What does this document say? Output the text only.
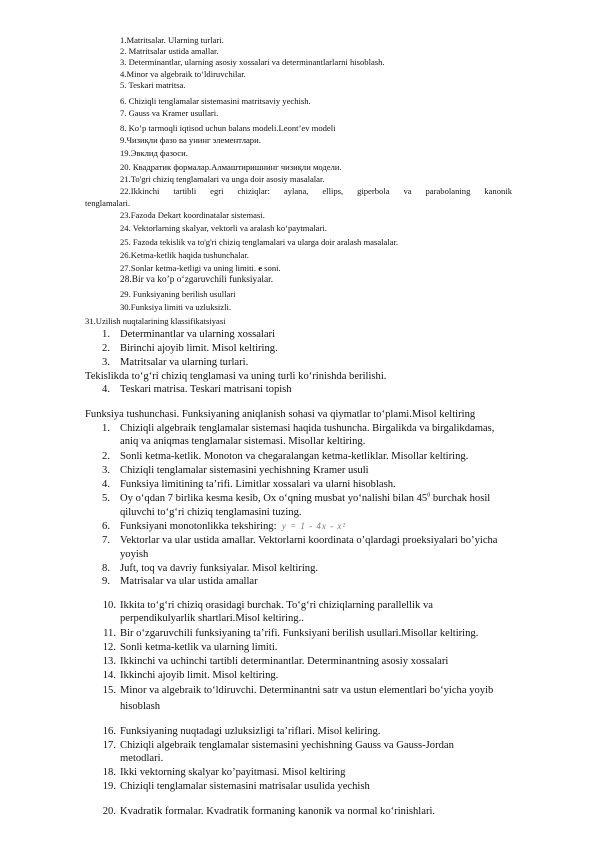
1.Matritsalar. Ularning turlari.
2. Matritsalar ustida amallar.
3. Determinantlar, ularning asosiy xossalari va determinantlarlarni hisoblash.
4.Minor va algebraik to’ldiruvchilar.
5. Teskari matritsa.
6. Chiziqli tenglamalar sistemasini matritsaviy yechish.
7. Gauss va Kramer usullari.
8. Ko’p tarmoqli iqtisod uchun balans modeli.Leont’ev modeli
9.Чизиқли фазо ва унинг элементлари.
19.Эвклид фазоси.
20. Квадратик формалар.Алмаштиришнинг чизиқли модели.
21.To'gri chiziq tenglamalari va unga doir asosiy masalalar.
22.Ikkinchi tartibli egri chiziqlar: aylana, ellips, giperbola va parabolaning kanonik
tenglamalari.
23.Fazoda Dekart koordinatalar sistemasi.
24. Vektorlarning skalyar, vektorli va aralash ko‘paytmalari.
25. Fazoda tekislik va to'g'ri chiziq tenglamalari va ularga doir aralash masalalar.
26.Ketma-ketlik haqida tushunchalar.
27.Sonlar ketma-ketligi va uning limiti. e soni.
28.Bir va ko’p o‘zgaruvchili funksiyalar.
29. Funksiyaning berilish usullari
30.Funksiya limiti va uzluksizli.
31.Uzilish nuqtalarining klassifikatsiyasi
1. Determinantlar va ularning xossalari
2. Birinchi ajoyib limit. Misol keltiring.
3. Matritsalar va ularning turlari.
Tekislikda to‘g‘ri chiziq tenglamasi va uning turli ko‘rinishda berilishi.
4. Teskari matrisa. Teskari matrisani topish
Funksiya tushunchasi. Funksiyaning aniqlanish sohasi va qiymatlar to‘plami.Misol keltiring
1. Chiziqli algebraik tenglamalar sistemasi haqida tushuncha. Birgalikda va birgalikdamas,
aniq va aniqmas tenglamalar sistemasi. Misollar keltiring.
2. Sonli ketma-ketlik. Monoton va chegaralangan ketma-ketliklar. Misollar keltiring.
3. Chiziqli tenglamalar sistemasini yechishning Kramer usuli
4. Funksiya limitining ta’rifi. Limitlar xossalari va ularni hisoblash.
5. Oy o‘qdan 7 birlika kesma kesib, Ox o‘qning musbat yo‘nalishi bilan $45^0$ burchak hosil
qiluvchi to‘g‘ri chiziq tenglamasini tuzing.
6. Funksiyani monotonlikka tekshiring: y = 1 - 4x - x²
7. Vektorlar va ular ustida amallar. Vektorlarni koordinata o’qlardagi proeksiyalari bo’yicha
yoyish
8. Juft, toq va davriy funksiyalar. Misol keltiring.
9. Matrisalar va ular ustida amallar
10. Ikkita to‘g‘ri chiziq orasidagi burchak. To‘g‘ri chiziqlarning parallellik va
perpendikulyarlik shartlari.Misol keltiring..
11. Bir o‘zgaruvchili funksiyaning ta’rifi. Funksiyani berilish usullari.Misollar keltiring.
12. Sonli ketma-ketlik va ularning limiti.
13. Ikkinchi va uchinchi tartibli determinantlar. Determinantning asosiy xossalari
14. Ikkinchi ajoyib limit. Misol keltiring.
15. Minor va algebraik to‘ldiruvchi. Determinantni satr va ustun elementlari bo‘yicha yoyib
hisoblash
16. Funksiyaning nuqtadagi uzluksizligi ta’riflari. Misol keliring.
17. Chiziqli algebraik tenglamalar sistemasini yechishning Gauss va Gauss-Jordan
metodlari.
18. Ikki vektorning skalyar ko’payitmasi. Misol keltiring
19. Chiziqli tenglamalar sistemasini matrisalar usulida yechish
20. Kvadratik formalar. Kvadratik formaning kanonik va normal ko‘rinishlari.
